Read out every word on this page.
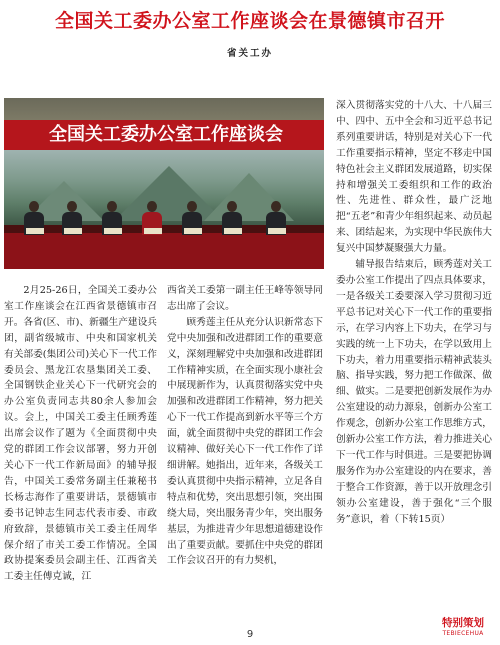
全国关工委办公室工作座谈会在景德镇市召开
省关工办
全国关工委办公室工作座谈会

2月25-26日，全国关工委办公室工作座谈会在江西省景德镇市召开。各省(区、市)、新疆生产建设兵团，副省级城市、中央和国家机关有关部委(集团公司)关心下一代工作委员会、黑龙江农垦集团关工委、全国钢铁企业关心下一代研究会的办公室负责同志共80余人参加会议。会上，中国关工委主任顾秀莲出席会议作了题为《全面贯彻中央党的群团工作会议部署，努力开创关心下一代工作新局面》的辅导报告，中国关工委常务副主任兼秘书长杨志海作了重要讲话，景德镇市委书记钟志生同志代表市委、市政府致辞，景德镇市关工委主任周华保介绍了市关工委工作情况。全国政协提案委员会副主任、江西省关工委主任傅克诚，江

西省关工委第一副主任王峰等领导同志出席了会议。

顾秀莲主任从充分认识新常态下党中央加强和改进群团工作的重要意义，深刻理解党中央加强和改进群团工作精神实质，在全面实现小康社会中展现新作为，认真贯彻落实党中央加强和改进群团工作精神，努力把关心下一代工作提高到新水平等三个方面，就全面贯彻中央党的群团工作会议精神、做好关心下一代工作作了详细讲解。她指出，近年来，各级关工委认真贯彻中央指示精神，立足各自特点和优势，突出思想引领，突出围绕大局，突出服务青少年，突出服务基层，为推进青少年思想道德建设作出了重要贡献。要抓住中央党的群团工作会议召开的有力契机，

深入贯彻落实党的十八大、十八届三中、四中、五中全会和习近平总书记系列重要讲话，特别是对关心下一代工作重要指示精神，坚定不移走中国特色社会主义群团发展道路，切实保持和增强关工委组织和工作的政治性、先进性、群众性，最广泛地把“五老”和青少年组织起来、动员起来、团结起来，为实现中华民族伟大复兴中国梦凝聚强大力量。

辅导报告结束后，顾秀莲对关工委办公室工作提出了四点具体要求，一是各级关工委要深入学习贯彻习近平总书记对关心下一代工作的重要指示，在学习内容上下功夫，在学习与实践的统一上下功夫，在学以致用上下功夫，着力用重要指示精神武装头脑、指导实践，努力把工作做深、做细、做实。二是要把创新发展作为办公室建设的动力源泉，创新办公室工作观念，创新办公室工作思维方式，创新办公室工作方法，着力推进关心下一代工作与时俱进。三是要把协调服务作为办公室建设的内在要求，善于整合工作资源，善于以开放理念引领办公室建设，善于强化“三个服务”意识，着（下转15页）

9
特别策划
TEBIECEHUA
